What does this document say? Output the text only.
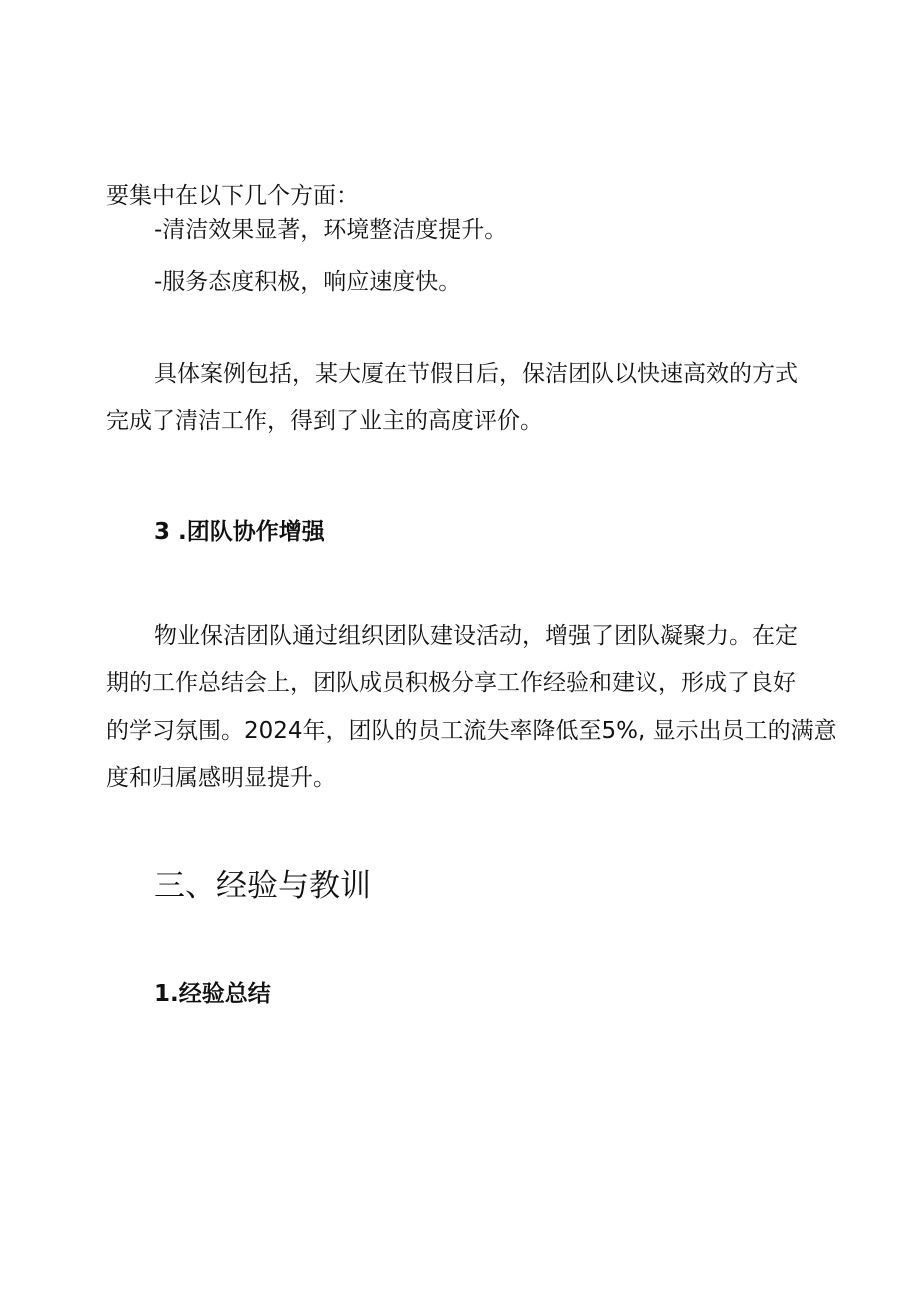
要集中在以下几个方面：
-清洁效果显著，环境整洁度提升。
-服务态度积极，响应速度快。
具体案例包括，某大厦在节假日后，保洁团队以快速高效的方式
完成了清洁工作，得到了业主的高度评价。
3 .团队协作增强
物业保洁团队通过组织团队建设活动，增强了团队凝聚力。在定
期的工作总结会上，团队成员积极分享工作经验和建议，形成了良好
的学习氛围。2024年，团队的员工流失率降低至5%, 显示出员工的满意
度和归属感明显提升。
三、经验与教训
1.经验总结
